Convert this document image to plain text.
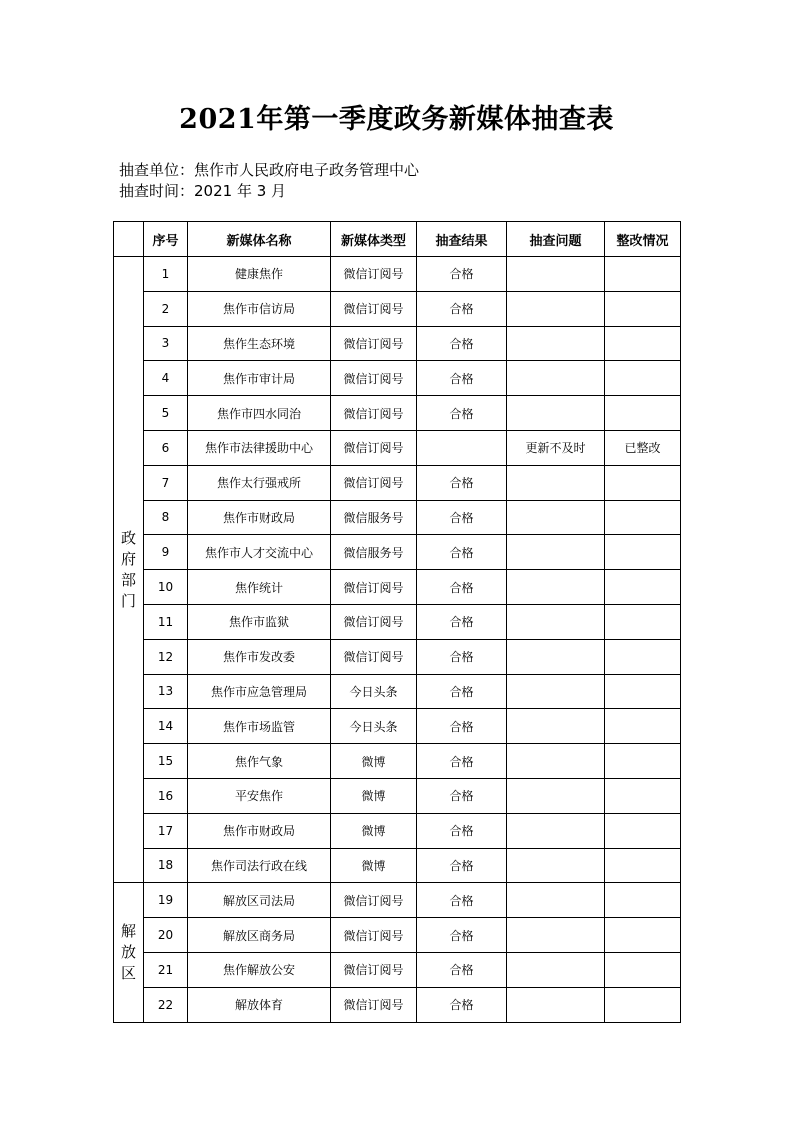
2021年第一季度政务新媒体抽查表
抽查单位：焦作市人民政府电子政务管理中心
抽查时间：2021 年 3 月
	序号	新媒体名称	新媒体类型	抽查结果	抽查问题	整改情况

政府部门	1	健康焦作	微信订阅号	合格		
	2	焦作市信访局	微信订阅号	合格		
	3	焦作生态环境	微信订阅号	合格		
	4	焦作市审计局	微信订阅号	合格		
	5	焦作市四水同治	微信订阅号	合格		
	6	焦作市法律援助中心	微信订阅号		更新不及时	已整改
	7	焦作太行强戒所	微信订阅号	合格		
	8	焦作市财政局	微信服务号	合格		
	9	焦作市人才交流中心	微信服务号	合格		
	10	焦作统计	微信订阅号	合格		
	11	焦作市监狱	微信订阅号	合格		
	12	焦作市发改委	微信订阅号	合格		
	13	焦作市应急管理局	今日头条	合格		
	14	焦作市场监管	今日头条	合格		
	15	焦作气象	微博	合格		
	16	平安焦作	微博	合格		
	17	焦作市财政局	微博	合格		
	18	焦作司法行政在线	微博	合格		

解放区	19	解放区司法局	微信订阅号	合格		
	20	解放区商务局	微信订阅号	合格		
	21	焦作解放公安	微信订阅号	合格		
	22	解放体育	微信订阅号	合格		
